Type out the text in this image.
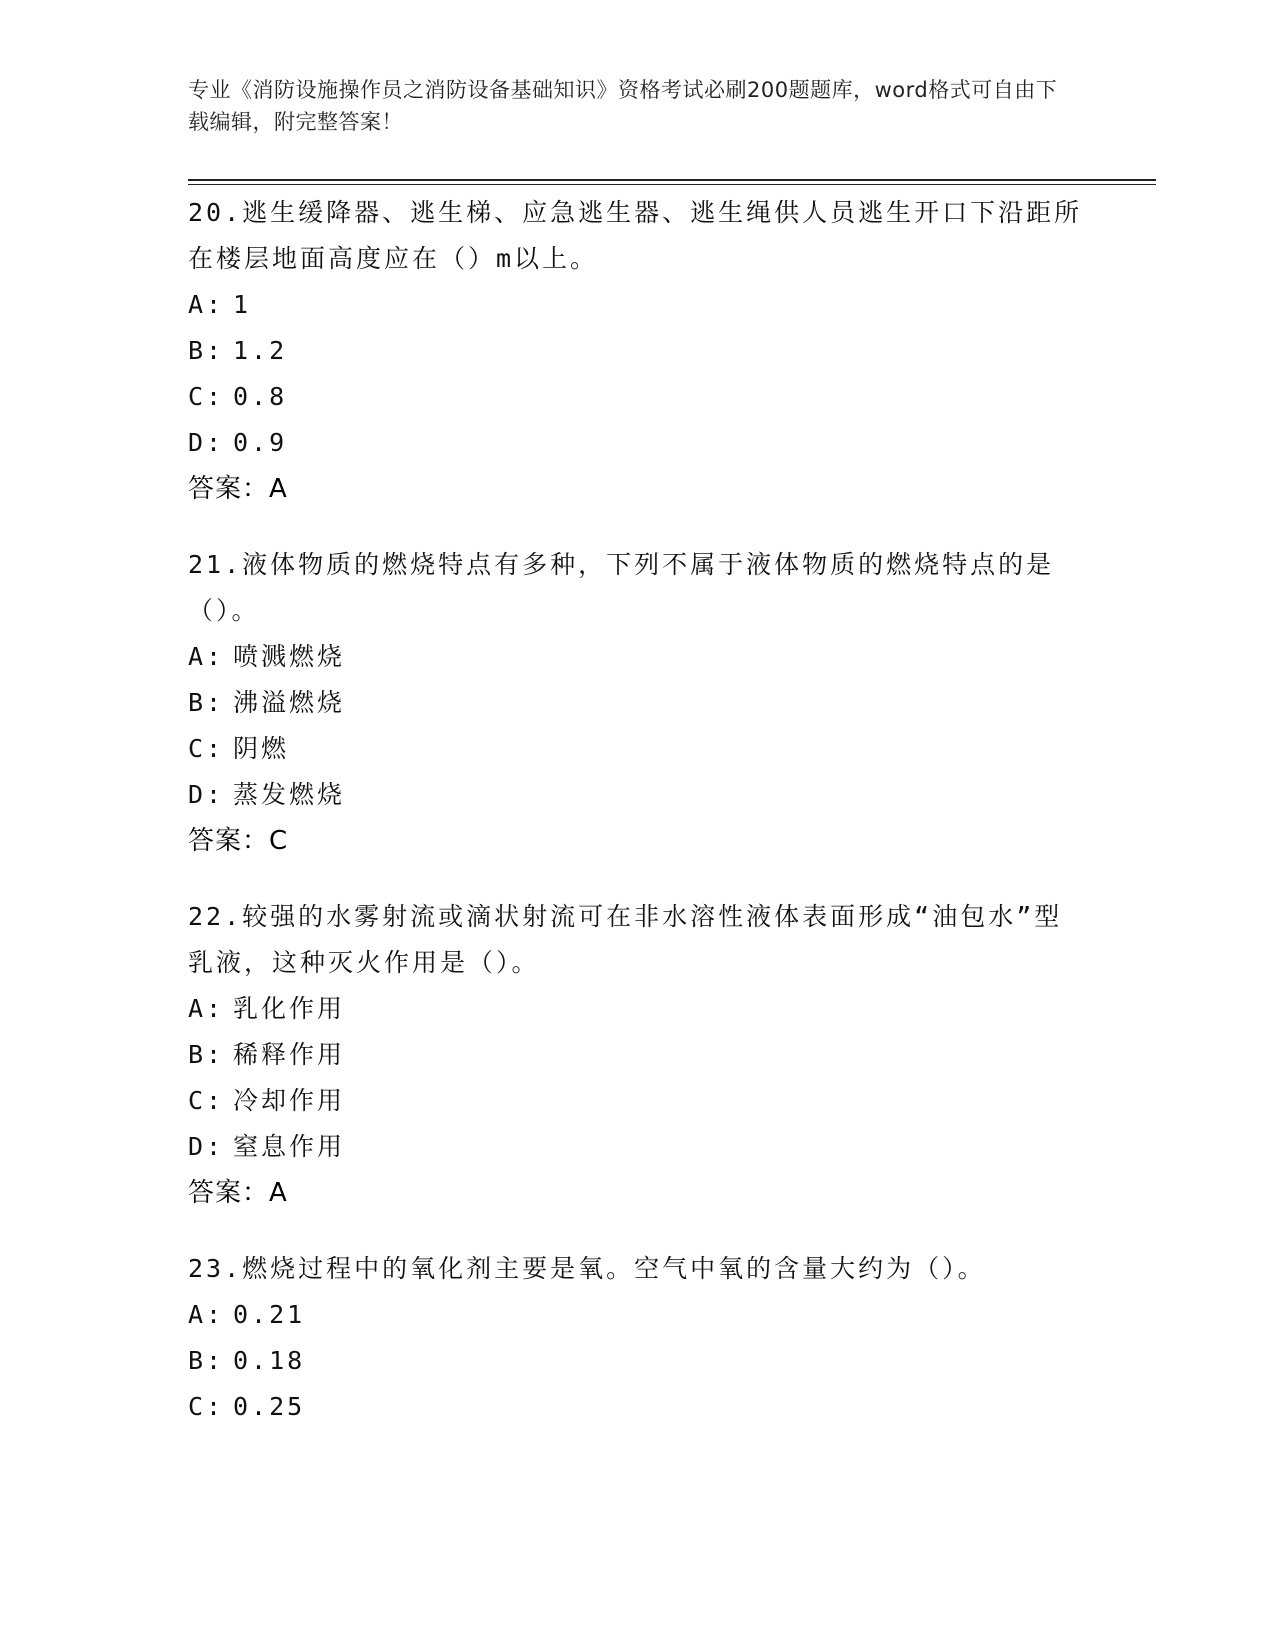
专业《消防设施操作员之消防设备基础知识》资格考试必刷200题题库，word格式可自由下载编辑，附完整答案！
20.逃生缓降器、逃生梯、应急逃生器、逃生绳供人员逃生开口下沿距所在楼层地面高度应在（）m以上。
A: 1
B: 1.2
C: 0.8
D: 0.9
答案：A
21.液体物质的燃烧特点有多种，下列不属于液体物质的燃烧特点的是（）。
A: 喷溅燃烧
B: 沸溢燃烧
C: 阴燃
D: 蒸发燃烧
答案：C
22.较强的水雾射流或滴状射流可在非水溶性液体表面形成“油包水”型乳液，这种灭火作用是（）。
A: 乳化作用
B: 稀释作用
C: 冷却作用
D: 窒息作用
答案：A
23.燃烧过程中的氧化剂主要是氧。空气中氧的含量大约为（）。
A: 0.21
B: 0.18
C: 0.25
